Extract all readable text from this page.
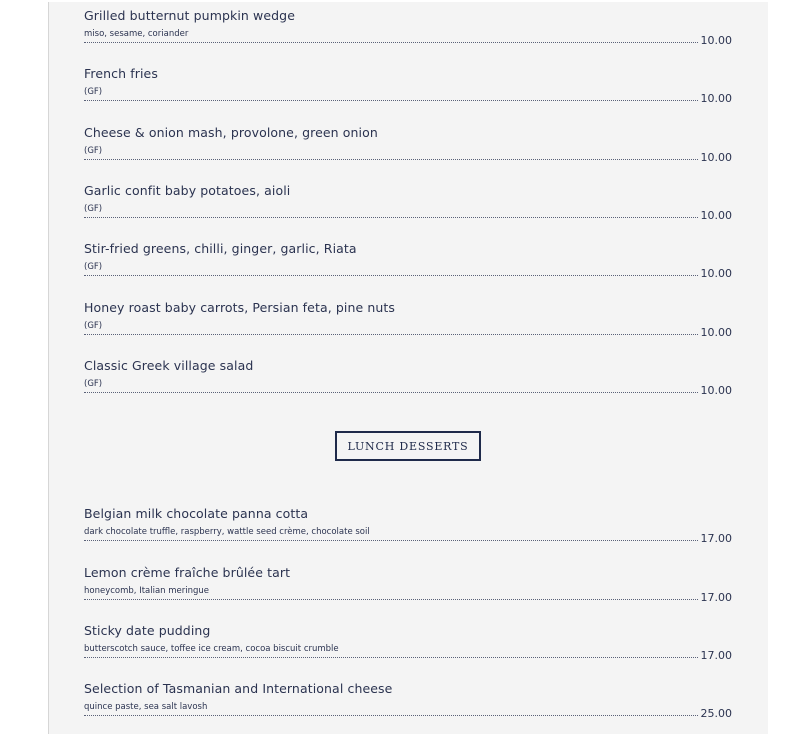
Grilled butternut pumpkin wedge
miso, sesame, coriander	10.00
French fries
(GF)	10.00
Cheese & onion mash, provolone, green onion
(GF)	10.00
Garlic confit baby potatoes, aioli
(GF)	10.00
Stir-fried greens, chilli, ginger, garlic, Riata
(GF)	10.00
Honey roast baby carrots, Persian feta, pine nuts
(GF)	10.00
Classic Greek village salad
(GF)	10.00
LUNCH DESSERTS
Belgian milk chocolate panna cotta
dark chocolate truffle, raspberry, wattle seed crème, chocolate soil	17.00
Lemon crème fraîche brûlée tart
honeycomb, Italian meringue	17.00
Sticky date pudding
butterscotch sauce, toffee ice cream, cocoa biscuit crumble	17.00
Selection of Tasmanian and International cheese
quince paste, sea salt lavosh	25.00
